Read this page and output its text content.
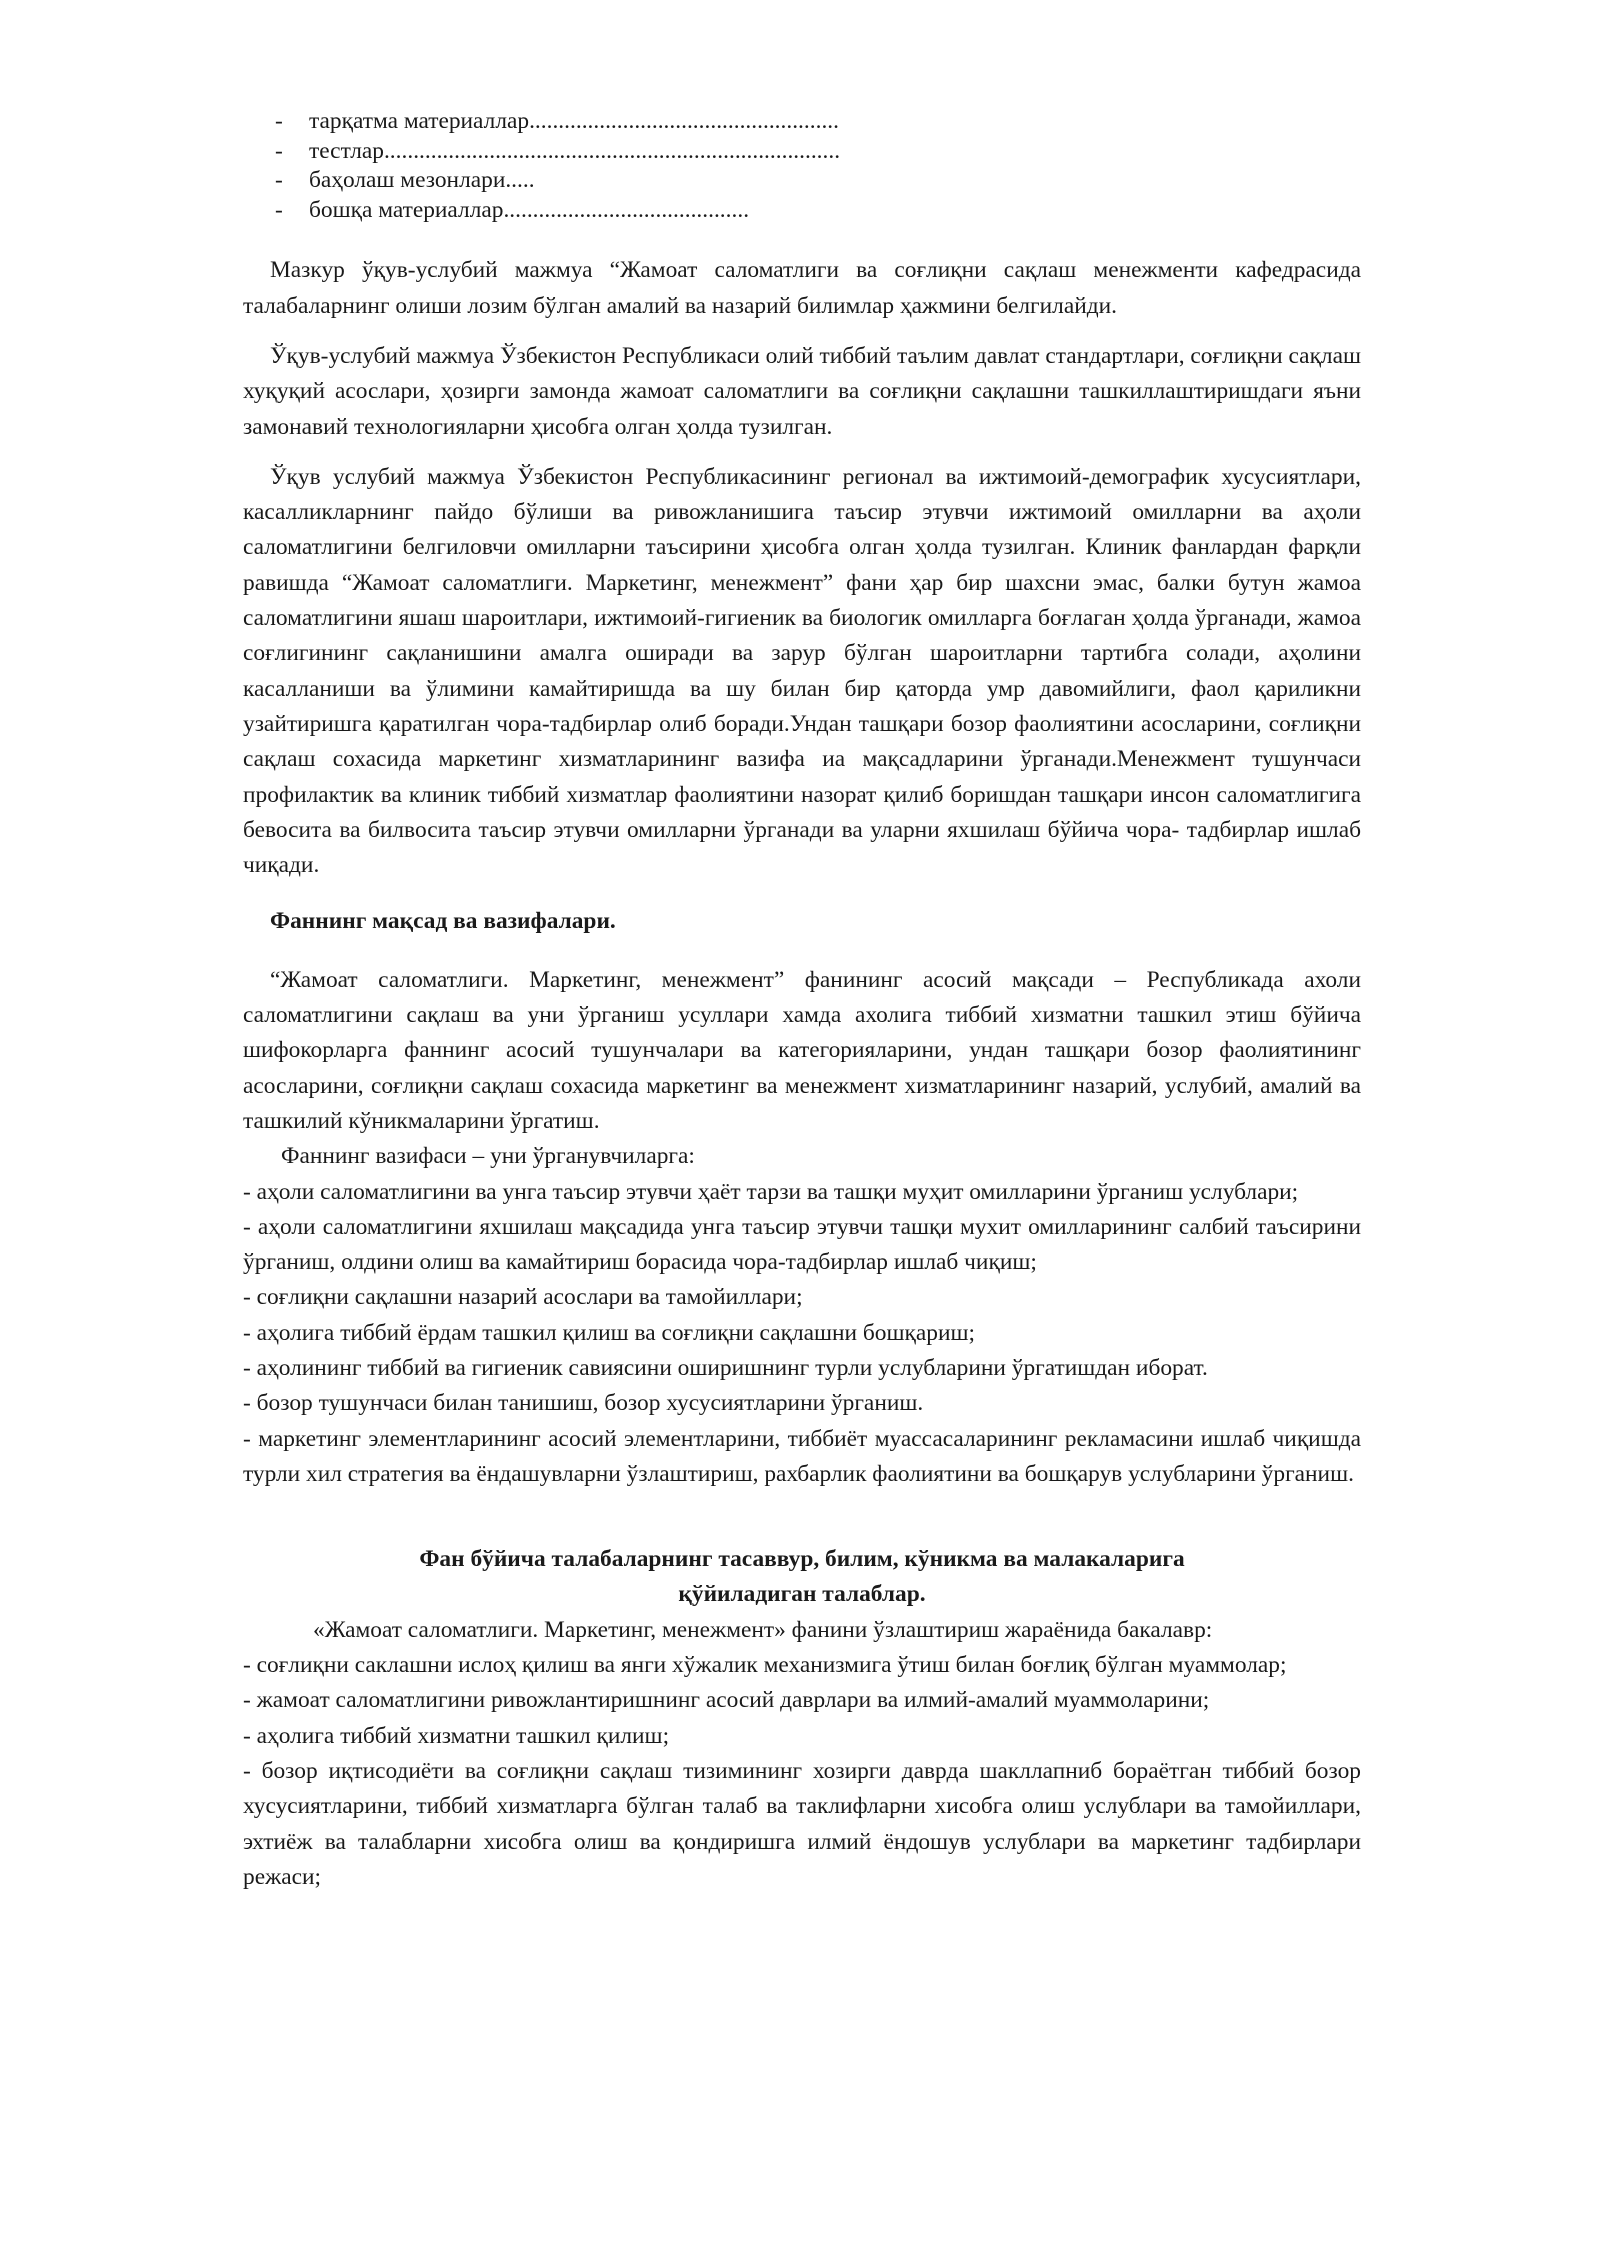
-	тарқатма материаллар.....................................................
-	тестлар..............................................................................
-	баҳолаш мезонлари.....
-	бошқа материаллар..........................................

Мазкур ўқув-услубий мажмуа “Жамоат саломатлиги ва соғлиқни сақлаш менежменти кафедрасида талабаларнинг олиши лозим бўлган амалий ва назарий билимлар ҳажмини белгилайди.

Ўқув-услубий мажмуа Ўзбекистон Республикаси олий тиббий таълим давлат стандартлари, соғлиқни сақлаш хуқуқий асослари, ҳозирги замонда жамоат саломатлиги ва соғлиқни сақлашни ташкиллаштиришдаги яъни замонавий технологияларни ҳисобга олган ҳолда тузилган.

Ўқув услубий мажмуа Ўзбекистон Республикасининг регионал ва ижтимоий-демографик хусусиятлари, касалликларнинг пайдо бўлиши ва ривожланишига таъсир этувчи ижтимоий омилларни ва аҳоли саломатлигини белгиловчи омилларни таъсирини ҳисобга олган ҳолда тузилган. Клиник фанлардан фарқли равишда “Жамоат саломатлиги. Маркетинг, менежмент” фани ҳар бир шахсни эмас, балки бутун жамоа саломатлигини яшаш шароитлари, ижтимоий-гигиеник ва биологик омилларга боғлаган ҳолда ўрганади, жамоа соғлигининг сақланишини амалга оширади ва зарур бўлган шароитларни тартибга солади, аҳолини касалланиши ва ўлимини камайтиришда ва шу билан бир қаторда умр давомийлиги, фаол қариликни узайтиришга қаратилган чора-тадбирлар олиб боради.Ундан ташқари бозор фаолиятини асосларини, соғлиқни сақлаш сохасида маркетинг хизматларининг вазифа иа мақсадларини ўрганади.Менежмент тушунчаси профилактик ва клиник тиббий хизматлар фаолиятини назорат қилиб боришдан ташқари инсон саломатлигига бевосита ва билвосита таъсир этувчи омилларни ўрганади ва уларни яхшилаш бўйича чора- тадбирлар ишлаб чиқади.

Фаннинг мақсад ва вазифалари.

“Жамоат саломатлиги. Маркетинг, менежмент” фанининг асосий мақсади – Республикада ахоли саломатлигини сақлаш ва уни ўрганиш усуллари хамда ахолига тиббий хизматни ташкил этиш бўйича шифокорларга фаннинг асосий тушунчалари ва категорияларини, ундан ташқари бозор фаолиятининг асосларини, соғлиқни сақлаш сохасида маркетинг ва менежмент хизматларининг назарий, услубий, амалий ва ташкилий кўникмаларини ўргатиш.

Фаннинг вазифаси – уни ўрганувчиларга:

- аҳоли саломатлигини ва унга таъсир этувчи ҳаёт тарзи ва ташқи муҳит омилларини ўрганиш услублари;

- аҳоли саломатлигини яхшилаш мақсадида унга таъсир этувчи ташқи мухит омилларининг салбий таъсирини ўрганиш, олдини олиш ва камайтириш борасида чора-тадбирлар ишлаб чиқиш;

- соғлиқни сақлашни назарий асослари ва тамойиллари;

- аҳолига тиббий ёрдам ташкил қилиш ва соғлиқни сақлашни бошқариш;

- аҳолининг тиббий ва гигиеник савиясини оширишнинг турли услубларини ўргатишдан иборат.

- бозор тушунчаси билан танишиш, бозор хусусиятларини ўрганиш.

- маркетинг элементларининг асосий элементларини, тиббиёт муассасаларининг рекламасини ишлаб чиқишда турли хил стратегия ва ёндашувларни ўзлаштириш, рахбарлик фаолиятини ва бошқарув услубларини ўрганиш.

Фан бўйича талабаларнинг тасаввур, билим, кўникма ва малакаларига
қўйиладиган талаблар.

«Жамоат саломатлиги. Маркетинг, менежмент» фанини ўзлаштириш жараёнида бакалавр:

- соғлиқни саклашни ислоҳ қилиш ва янги хўжалик механизмига ўтиш билан боғлиқ бўлган муаммолар;

- жамоат саломатлигини ривожлантиришнинг асосий даврлари ва илмий-амалий муаммоларини;

- аҳолига тиббий хизматни ташкил қилиш;

- бозор иқтисодиёти ва соғлиқни сақлаш тизимининг хозирги даврда шакллапниб бораётган тиббий бозор хусусиятларини, тиббий хизматларга бўлган талаб ва таклифларни хисобга олиш услублари ва тамойиллари, эхтиёж ва талабларни хисобга олиш ва қондиришга илмий ёндошув услублари ва маркетинг тадбирлари режаси;
